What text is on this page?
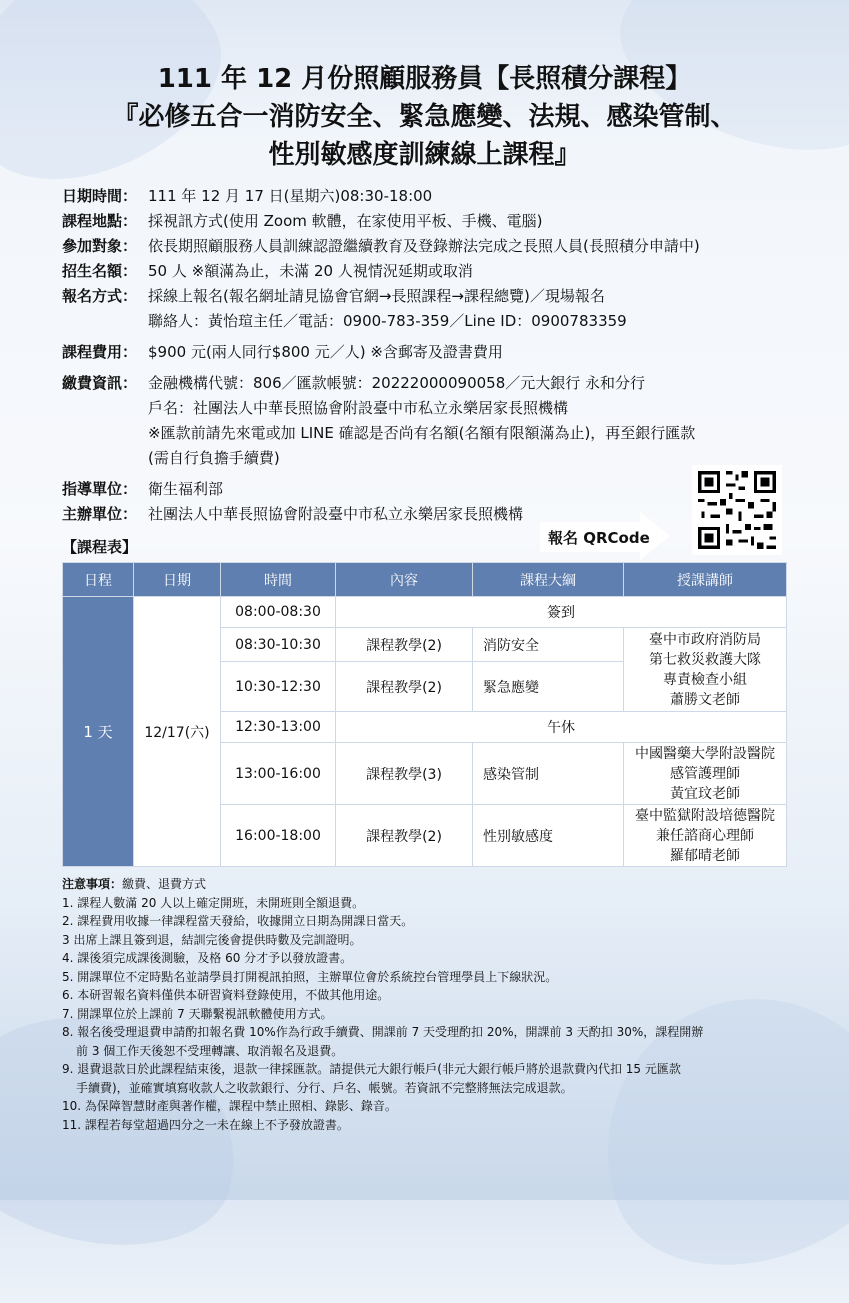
111 年 12 月份照顧服務員【長照積分課程】
『必修五合一消防安全、緊急應變、法規、感染管制、
性別敏感度訓練線上課程』
日期時間： 111 年 12 月 17 日(星期六)08:30-18:00
課程地點： 採視訊方式(使用 Zoom 軟體，在家使用平板、手機、電腦)
參加對象： 依長期照顧服務人員訓練認證繼續教育及登錄辦法完成之長照人員(長照積分申請中)
招生名額： 50 人 ※額滿為止，未滿 20 人視情況延期或取消
報名方式： 採線上報名(報名網址請見協會官網→長照課程→課程總覽)／現場報名
聯絡人：黃怡瑄主任／電話：0900-783-359／Line ID：0900783359
課程費用： $900 元(兩人同行$800 元／人) ※含郵寄及證書費用
繳費資訊： 金融機構代號：806／匯款帳號：20222000090058／元大銀行 永和分行
戶名：社團法人中華長照協會附設臺中市私立永樂居家長照機構
※匯款前請先來電或加 LINE 確認是否尚有名額(名額有限額滿為止)，再至銀行匯款
(需自行負擔手續費)
指導單位： 衛生福利部
主辦單位： 社團法人中華長照協會附設臺中市私立永樂居家長照機構
報名 QRCode
【課程表】
日程	日期	時間	內容	課程大綱	授課講師
1 天	12/17(六)	08:00-08:30	簽到		
		08:30-10:30	課程教學(2)	消防安全	臺中市政府消防局
第七救災救護大隊
專責檢查小組
蕭勝文老師

		10:30-12:30	課程教學(2)	緊急應變	
		12:30-13:00	午休		
		13:00-16:00	課程教學(3)	感染管制	中國醫藥大學附設醫院
感管護理師
黃宜玟老師

		16:00-18:00	課程教學(2)	性別敏感度	臺中監獄附設培德醫院
兼任諮商心理師
羅郁晴老師
注意事項：繳費、退費方式
1. 課程人數滿 20 人以上確定開班，未開班則全額退費。
2. 課程費用收據一律課程當天發給，收據開立日期為開課日當天。
3 出席上課且簽到退，結訓完後會提供時數及完訓證明。
4. 課後須完成課後測驗，及格 60 分才予以發放證書。
5. 開課單位不定時點名並請學員打開視訊拍照，主辦單位會於系統控台管理學員上下線狀況。
6. 本研習報名資料僅供本研習資料登錄使用，不做其他用途。
7. 開課單位於上課前 7 天聯繫視訊軟體使用方式。
8. 報名後受理退費申請酌扣報名費 10%作為行政手續費、開課前 7 天受理酌扣 20%，開課前 3 天酌扣 30%，課程開辦
前 3 個工作天後恕不受理轉讓、取消報名及退費。
9. 退費退款日於此課程結束後，退款一律採匯款。請提供元大銀行帳戶(非元大銀行帳戶將於退款費內代扣 15 元匯款
手續費)，並確實填寫收款人之收款銀行、分行、戶名、帳號。若資訊不完整將無法完成退款。
10. 為保障智慧財產與著作權，課程中禁止照相、錄影、錄音。
11. 課程若每堂超過四分之一未在線上不予發放證書。
